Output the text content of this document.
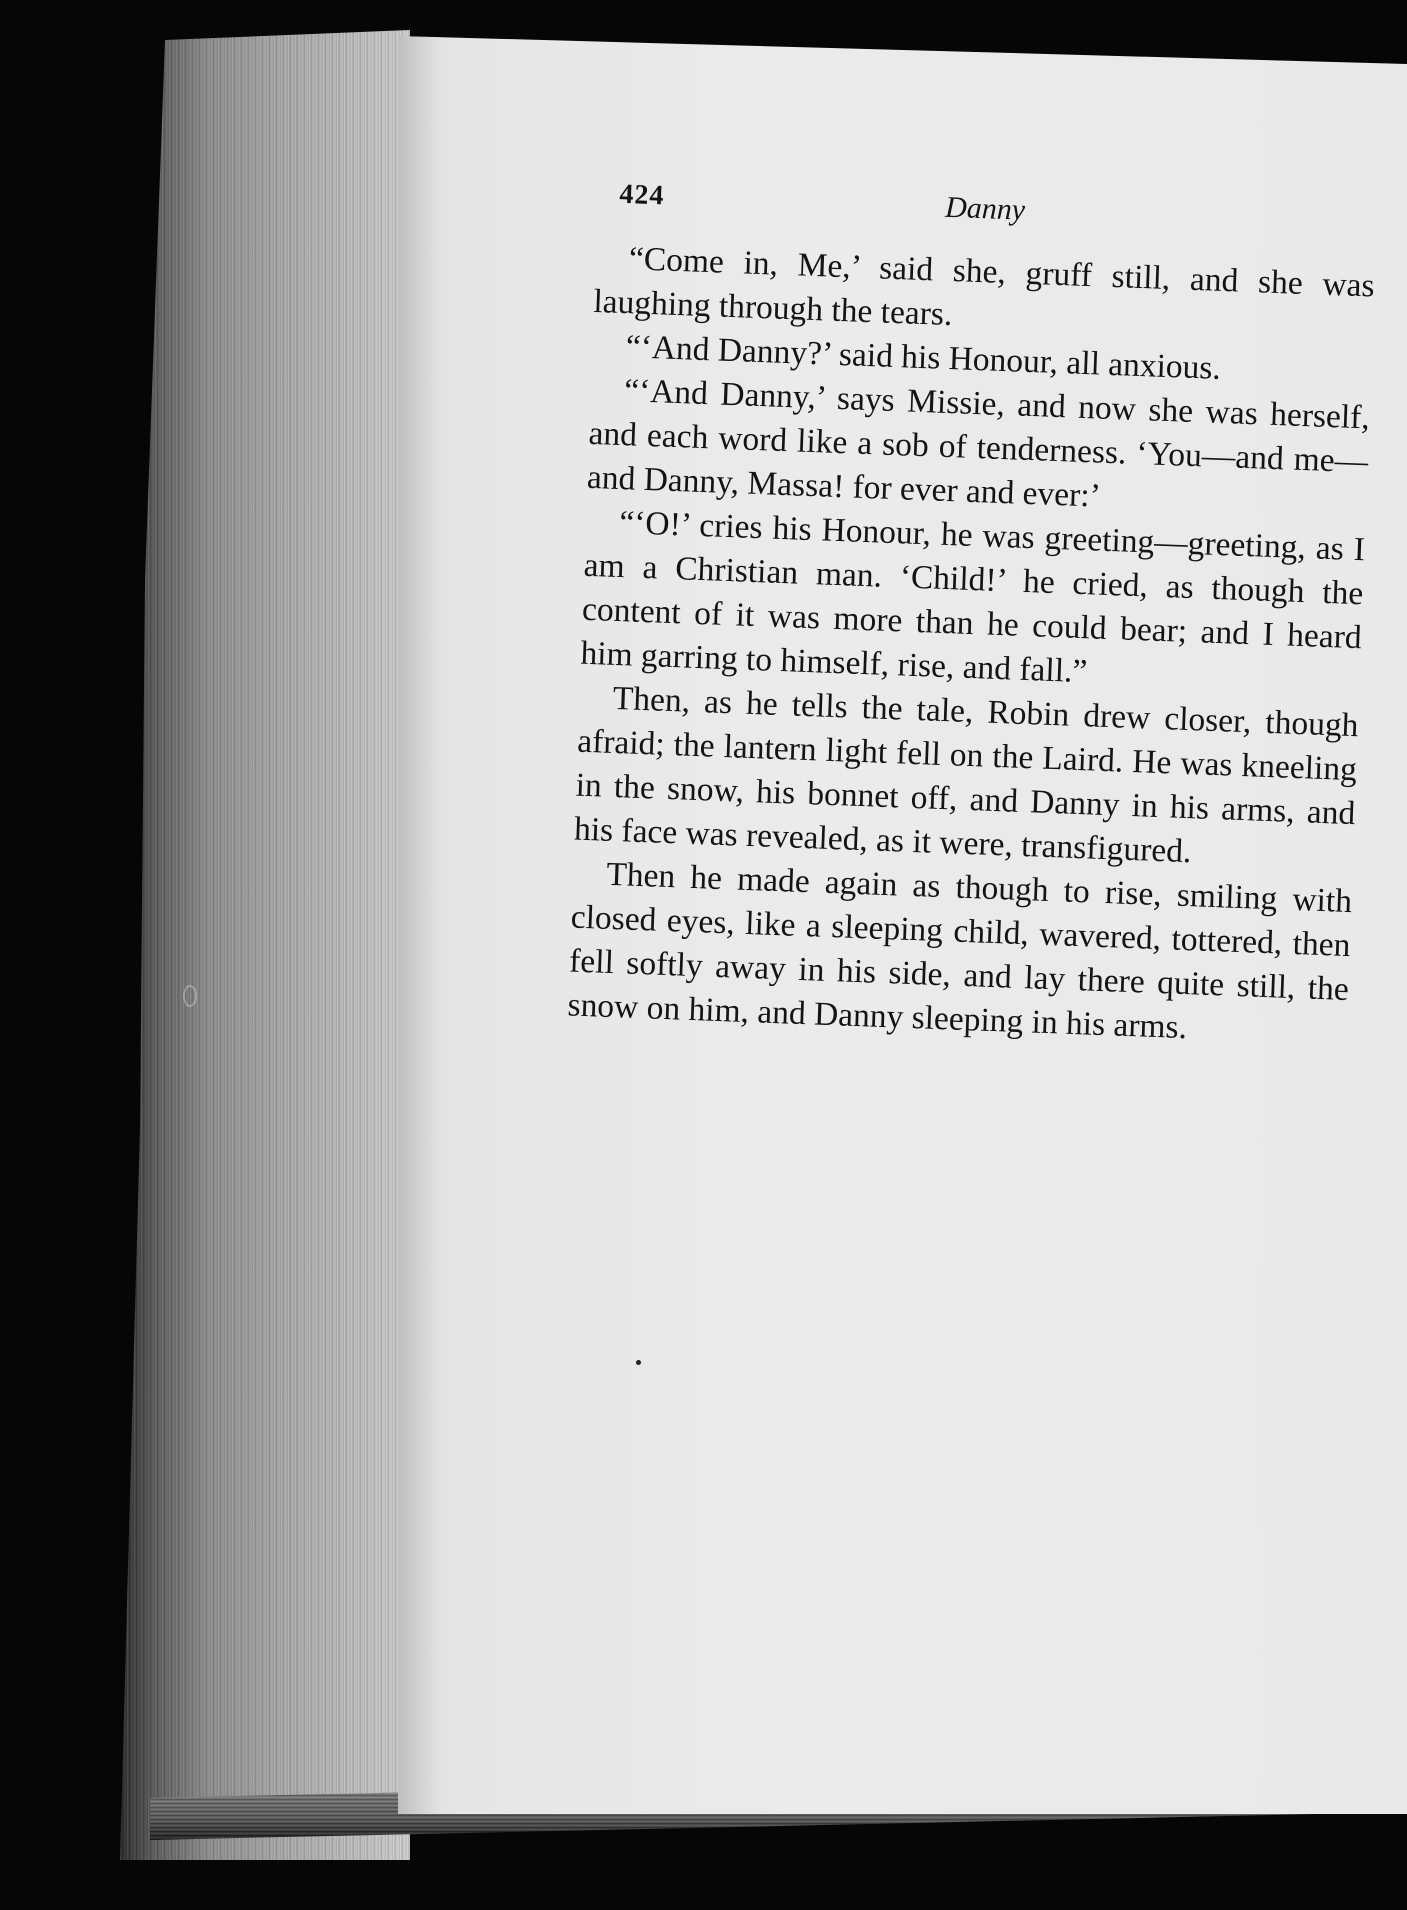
424	Danny

“Come in, Me,’ said she, gruff still, and she was laughing through the tears.

“‘And Danny?’ said his Honour, all anxious.

“‘And Danny,’ says Missie, and now she was herself, and each word like a sob of tenderness. ‘You—and me—and Danny, Massa! for ever and ever:’

“‘O!’ cries his Honour, he was greeting—greeting, as I am a Christian man. ‘Child!’ he cried, as though the content of it was more than he could bear; and I heard him garring to himself, rise, and fall.”

Then, as he tells the tale, Robin drew closer, though afraid; the lantern light fell on the Laird. He was kneeling in the snow, his bonnet off, and Danny in his arms, and his face was revealed, as it were, transfigured.

Then he made again as though to rise, smiling with closed eyes, like a sleeping child, wavered, tottered, then fell softly away in his side, and lay there quite still, the snow on him, and Danny sleeping in his arms.
